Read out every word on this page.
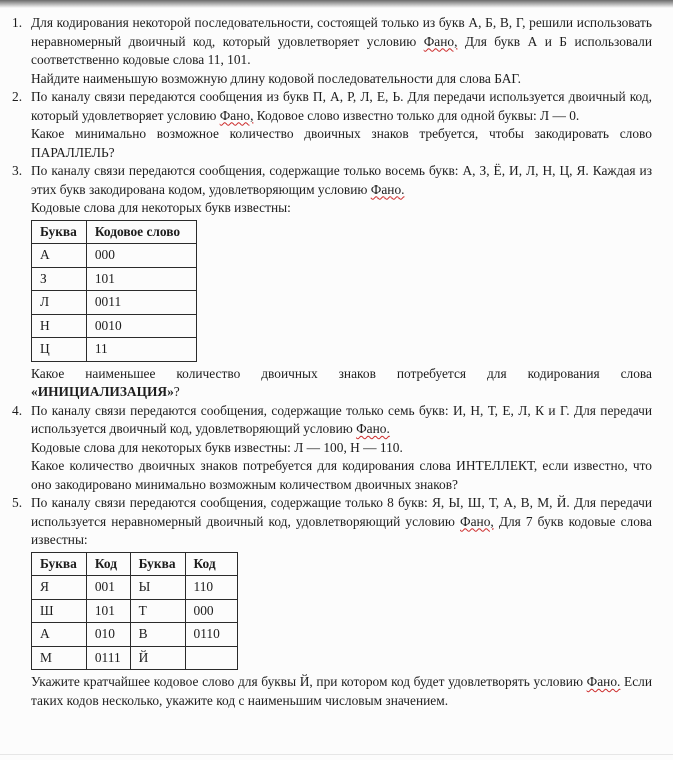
1. Для кодирования некоторой последовательности, состоящей только из букв А, Б, В, Г, решили использовать неравномерный двоичный код, который удовлетворяет условию Фано, Для букв А и Б использовали соответственно кодовые слова 11, 101.

Найдите наименьшую возможную длину кодовой последовательности для слова БАГ.

2. По каналу связи передаются сообщения из букв П, А, Р, Л, Е, Ь. Для передачи используется двоичный код, который удовлетворяет условию Фано, Кодовое слово известно только для одной буквы: Л — 0.

Какое минимально возможное количество двоичных знаков требуется, чтобы закодировать слово ПАРАЛЛЕЛЬ?

3. По каналу связи передаются сообщения, содержащие только восемь букв: А, З, Ё, И, Л, Н, Ц, Я. Каждая из этих букв закодирована кодом, удовлетворяющим условию Фано.

Кодовые слова для некоторых букв известны:

Буква	Кодовое слово
А	000
З	101
Л	0011
Н	0010
Ц	11

Какое наименьшее количество двоичных знаков потребуется для кодирования слова «ИНИЦИАЛИЗАЦИЯ»?

4. По каналу связи передаются сообщения, содержащие только семь букв: И, Н, Т, Е, Л, К и Г. Для передачи используется двоичный код, удовлетворяющий условию Фано.

Кодовые слова для некоторых букв известны: Л — 100, Н — 110.

Какое количество двоичных знаков потребуется для кодирования слова ИНТЕЛЛЕКТ, если известно, что оно закодировано минимально возможным количеством двоичных знаков?

5. По каналу связи передаются сообщения, содержащие только 8 букв: Я, Ы, Ш, Т, А, В, М, Й. Для передачи используется неравномерный двоичный код, удовлетворяющий условию Фано, Для 7 букв кодовые слова известны:

Буква	Код	Буква	Код
Я	001	Ы	110
Ш	101	Т	000
А	010	В	0110
М	0111	Й	

Укажите кратчайшее кодовое слово для буквы Й, при котором код будет удовлетворять условию Фано. Если таких кодов несколько, укажите код с наименьшим числовым значением.
